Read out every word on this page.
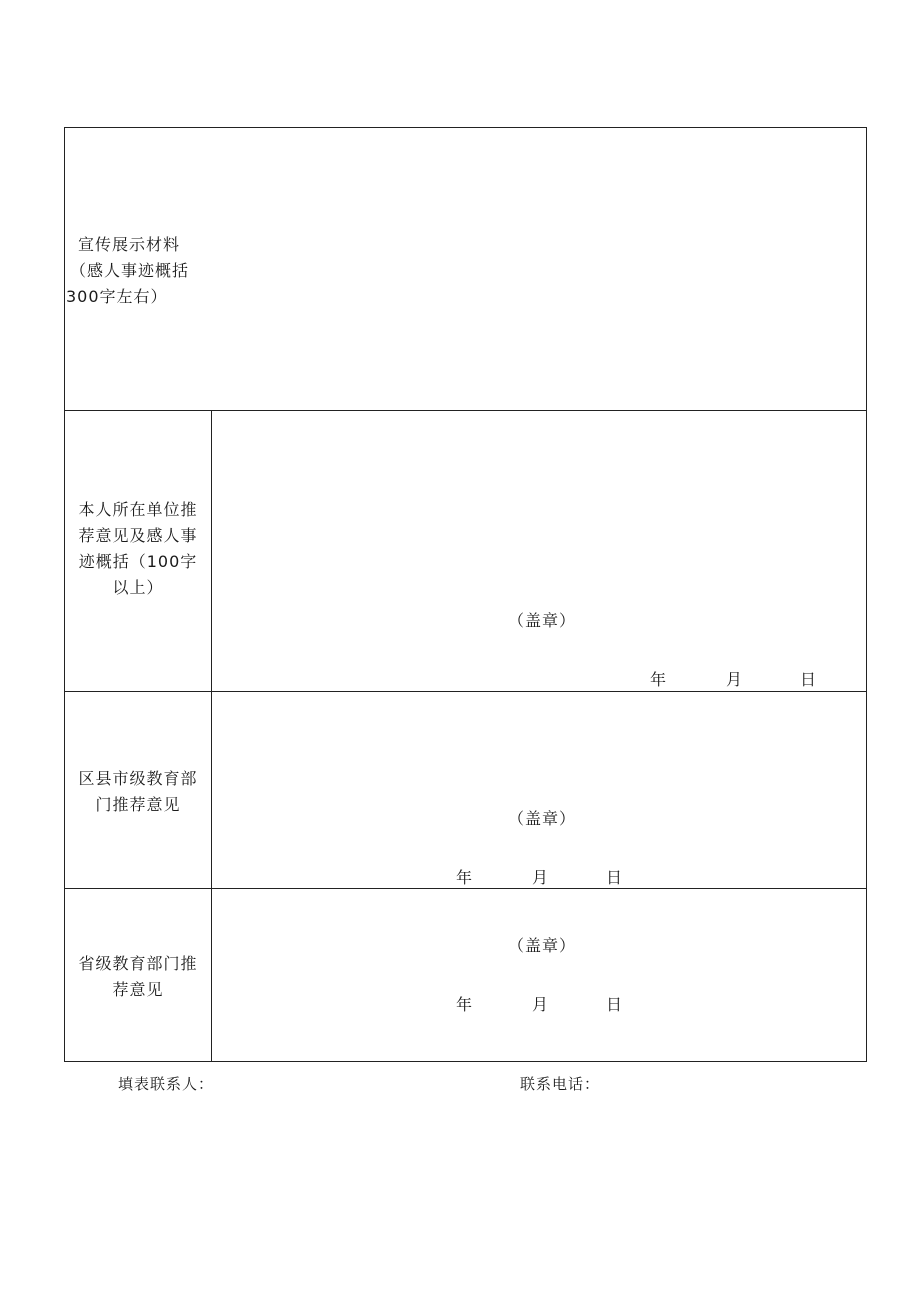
宣传展示材料
（感人事迹概括
300字左右）
本人所在单位推
荐意见及感人事
迹概括（100字
以上）
（盖章）
年	月	日
区县市级教育部
门推荐意见
（盖章）
年	月	日
省级教育部门推
荐意见
（盖章）
年	月	日
填表联系人：	联系电话：
